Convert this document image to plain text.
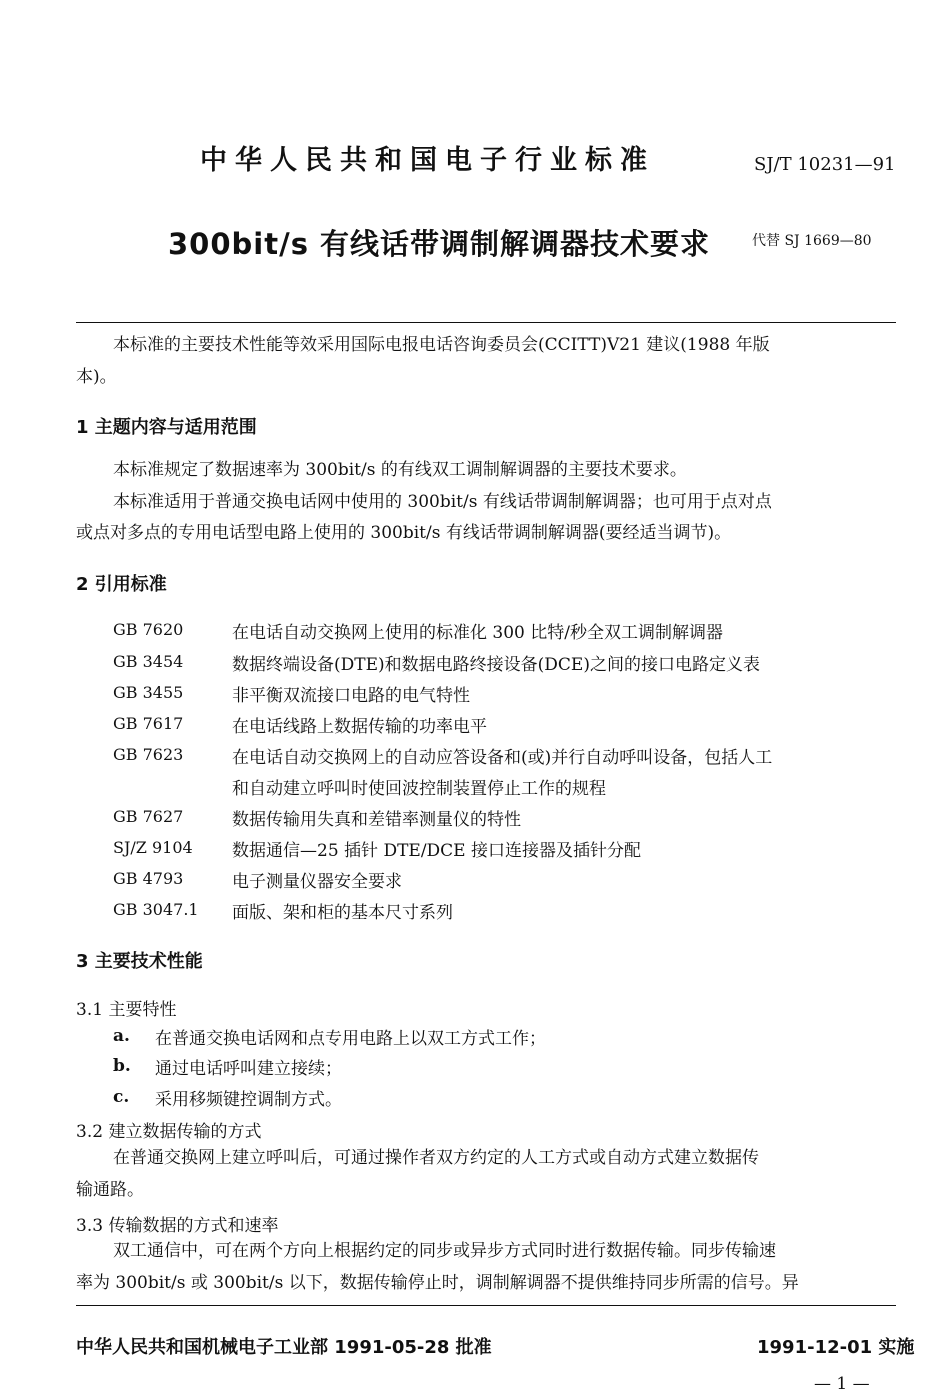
中华人民共和国电子行业标准	SJ/T 10231—91
300bit/s 有线话带调制解调器技术要求	代替 SJ 1669—80
本标准的主要技术性能等效采用国际电报电话咨询委员会(CCITT)V21 建议(1988 年版
本)。
1 主题内容与适用范围
本标准规定了数据速率为 300bit/s 的有线双工调制解调器的主要技术要求。
本标准适用于普通交换电话网中使用的 300bit/s 有线话带调制解调器；也可用于点对点
或点对多点的专用电话型电路上使用的 300bit/s 有线话带调制解调器(要经适当调节)。
2 引用标准
GB 7620	在电话自动交换网上使用的标准化 300 比特/秒全双工调制解调器
GB 3454	数据终端设备(DTE)和数据电路终接设备(DCE)之间的接口电路定义表
GB 3455	非平衡双流接口电路的电气特性
GB 7617	在电话线路上数据传输的功率电平
GB 7623	在电话自动交换网上的自动应答设备和(或)并行自动呼叫设备，包括人工
和自动建立呼叫时使回波控制装置停止工作的规程
GB 7627	数据传输用失真和差错率测量仪的特性
SJ/Z 9104 数据通信—25 插针 DTE/DCE 接口连接器及插针分配
GB 4793	电子测量仪器安全要求
GB 3047.1 面版、架和柜的基本尺寸系列
3 主要技术性能
3.1 主要特性
a. 在普通交换电话网和点专用电路上以双工方式工作；
b. 通过电话呼叫建立接续；
c. 采用移频键控调制方式。
3.2 建立数据传输的方式
在普通交换网上建立呼叫后，可通过操作者双方约定的人工方式或自动方式建立数据传
输通路。
3.3 传输数据的方式和速率
双工通信中，可在两个方向上根据约定的同步或异步方式同时进行数据传输。同步传输速
率为 300bit/s 或 300bit/s 以下，数据传输停止时，调制解调器不提供维持同步所需的信号。异
中华人民共和国机械电子工业部 1991-05-28 批准	1991-12-01 实施
— 1 —
